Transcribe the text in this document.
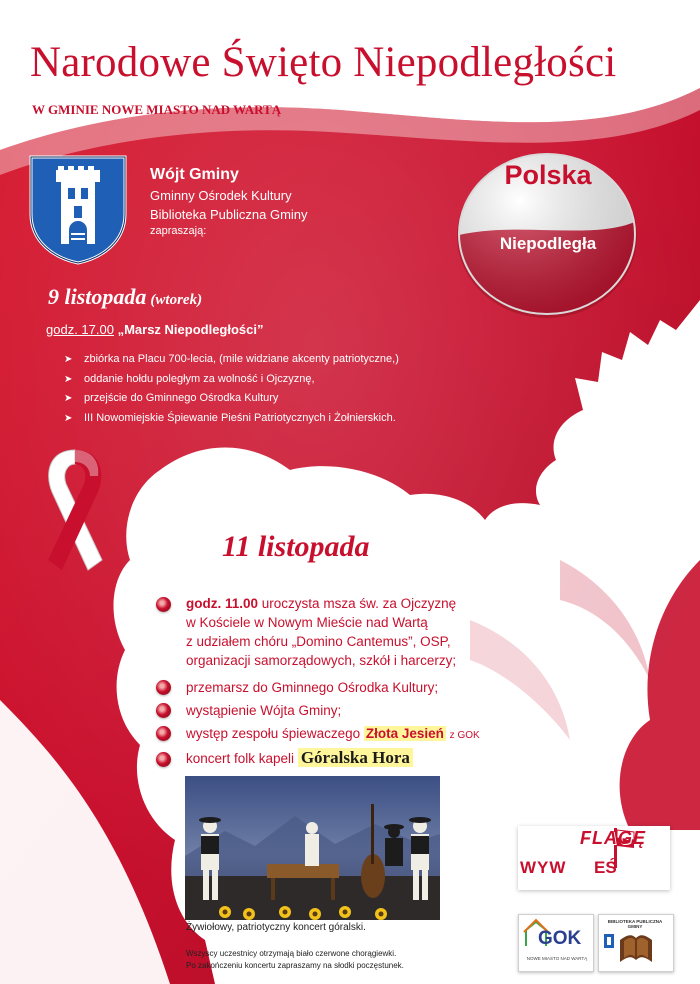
Narodowe Święto Niepodległości
W GMINIE NOWE MIASTO NAD WARTĄ
Wójt Gminy
Gminny Ośrodek Kultury
Biblioteka Publiczna Gminy
zapraszają:
Polska
Niepodległa
9 listopada (wtorek)
godz. 17.00 „Marsz Niepodległości”
➤ zbiórka na Placu 700-lecia, (mile widziane akcenty patriotyczne,)
➤ oddanie hołdu poległym za wolność i Ojczyznę,
➤ przejście do Gminnego Ośrodka Kultury
➤ III Nowomiejskie Śpiewanie Pieśni Patriotycznych i Żołnierskich.
11 listopada
godz. 11.00 uroczysta msza św. za Ojczyznę
w Kościele w Nowym Mieście nad Wartą
z udziałem chóru „Domino Cantemus”, OSP,
organizacji samorządowych, szkół i harcerzy;
przemarsz do Gminnego Ośrodka Kultury;
wystąpienie Wójta Gminy;
występ zespołu śpiewaczego Złota Jesień z GOK
koncert folk kapeli Góralska Hora
Żywiołowy, patriotyczny koncert góralski.
Wszyscy uczestnicy otrzymają biało czerwone chorągiewki.
Po zakończeniu koncertu zapraszamy na słodki poczęstunek.
FLAGĘ
WYW EŚ
GOK
NOWE MIASTO NAD WARTĄ
BIBLIOTEKA PUBLICZNA GMINY
